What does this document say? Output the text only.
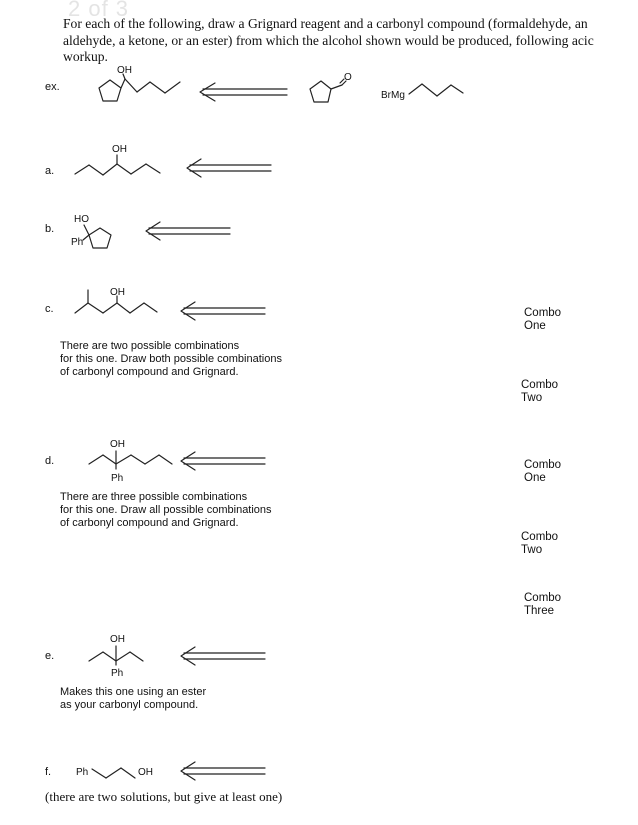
2 of 3
For each of the following, draw a Grignard reagent and a carbonyl compound (formaldehyde, an aldehyde, a ketone, or an ester) from which the alcohol shown would be produced, following acic workup.
ex.
a.
b.
c.
d.
e.
f.
There are two possible combinations
for this one. Draw both possible combinations
of carbonyl compound and Grignard.
There are three possible combinations
for this one. Draw all possible combinations
of carbonyl compound and Grignard.
Makes this one using an ester
as your carbonyl compound.
Combo
One
Combo
Two
Combo
One
Combo
Two
Combo
Three
(there are two solutions, but give at least one)
OH
O
BrMg
OH
HO
Ph
OH
OH
Ph
OH
Ph
Ph	OH
